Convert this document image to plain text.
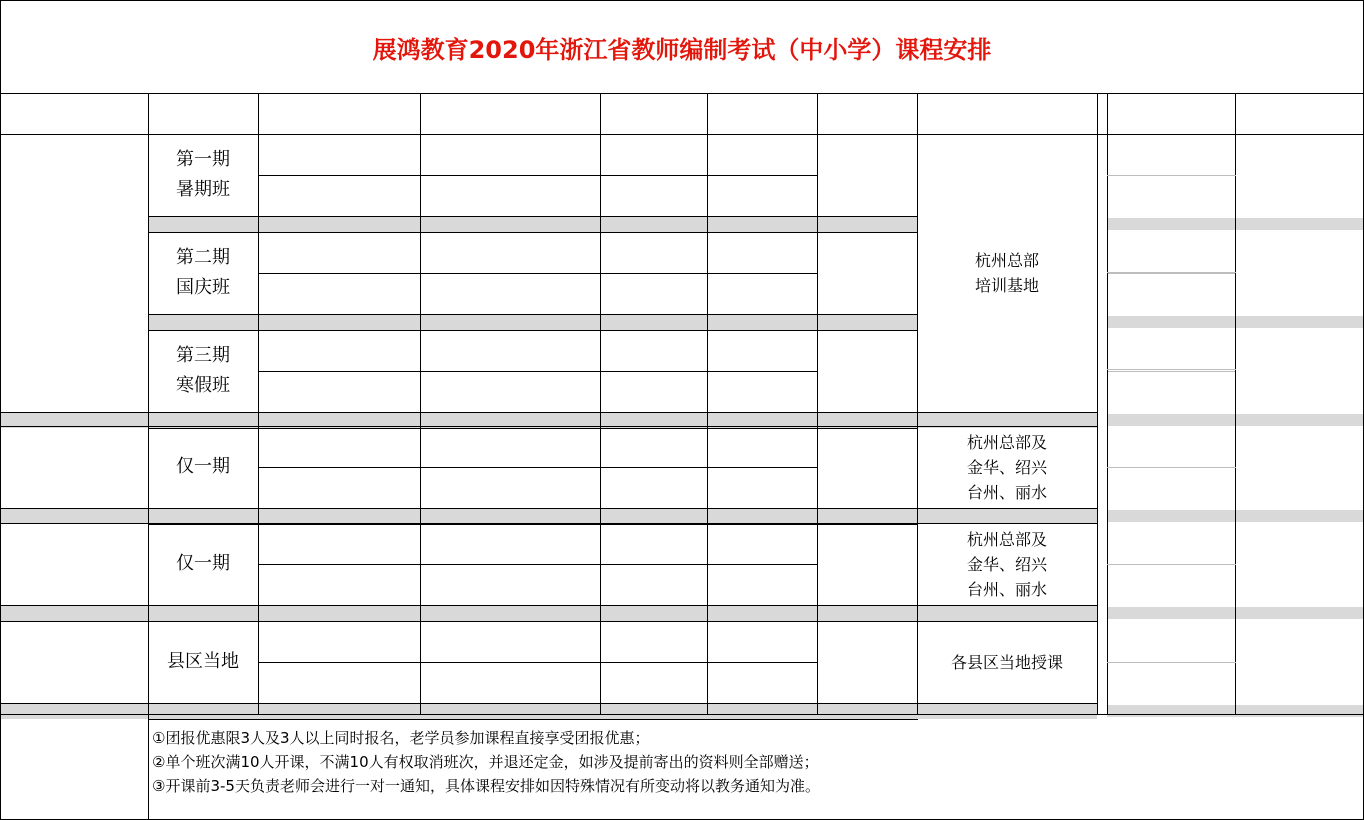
展鸿教育2020年浙江省教师编制考试（中小学）课程安排
第一期
暑期班
第二期
国庆班
第三期
寒假班
杭州总部
培训基地
仅一期
杭州总部及
金华、绍兴
台州、丽水
仅一期
杭州总部及
金华、绍兴
台州、丽水
县区当地	各县区当地授课
①团报优惠限3人及3人以上同时报名，老学员参加课程直接享受团报优惠；
②单个班次满10人开课，不满10人有权取消班次，并退还定金，如涉及提前寄出的资料则全部赠送；
③开课前3-5天负责老师会进行一对一通知，具体课程安排如因特殊情况有所变动将以教务通知为准。
